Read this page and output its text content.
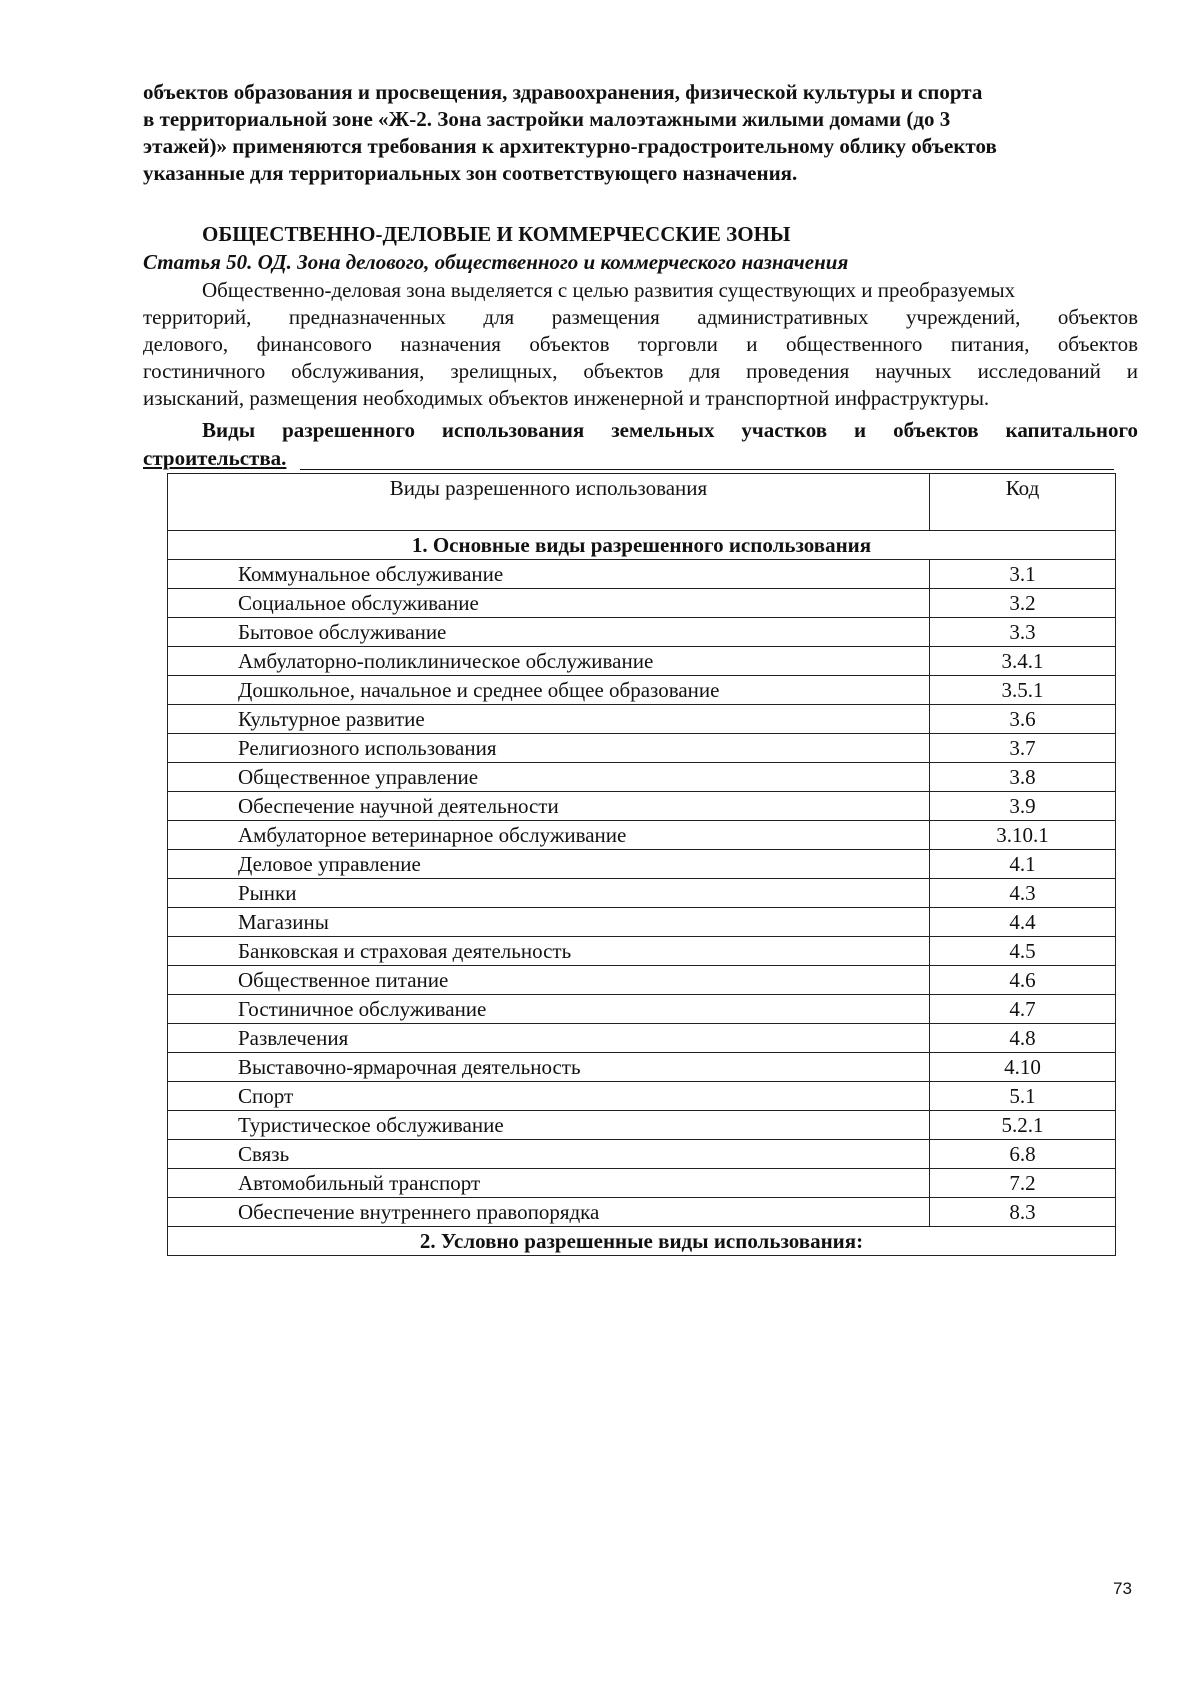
объектов образования и просвещения, здравоохранения, физической культуры и спорта
в территориальной зоне «Ж-2. Зона застройки малоэтажными жилыми домами (до 3
этажей)» применяются требования к архитектурно-градостроительному облику объектов
указанные для территориальных зон соответствующего назначения.
ОБЩЕСТВЕННО-ДЕЛОВЫЕ И КОММЕРЧЕССКИЕ ЗОНЫ
Статья 50. ОД. Зона делового, общественного и коммерческого назначения
Общественно-деловая зона выделяется с целью развития существующих и преобразуемых
территорий, предназначенных для размещения административных учреждений, объектов
делового, финансового назначения объектов торговли и общественного питания, объектов
гостиничного обслуживания, зрелищных, объектов для проведения научных исследований и
изысканий, размещения необходимых объектов инженерной и транспортной инфраструктуры.
Виды разрешенного использования земельных участков и объектов капитального
строительства.
Виды разрешенного использования	Код
1. Основные виды разрешенного использования	
Коммунальное обслуживание	3.1
Социальное обслуживание	3.2
Бытовое обслуживание	3.3
Амбулаторно-поликлиническое обслуживание	3.4.1
Дошкольное, начальное и среднее общее образование	3.5.1
Культурное развитие	3.6
Религиозного использования	3.7
Общественное управление	3.8
Обеспечение научной деятельности	3.9
Амбулаторное ветеринарное обслуживание	3.10.1
Деловое управление	4.1
Рынки	4.3
Магазины	4.4
Банковская и страховая деятельность	4.5
Общественное питание	4.6
Гостиничное обслуживание	4.7
Развлечения	4.8
Выставочно-ярмарочная деятельность	4.10
Спорт	5.1
Туристическое обслуживание	5.2.1
Связь	6.8
Автомобильный транспорт	7.2
Обеспечение внутреннего правопорядка	8.3
2. Условно разрешенные виды использования:	
73
